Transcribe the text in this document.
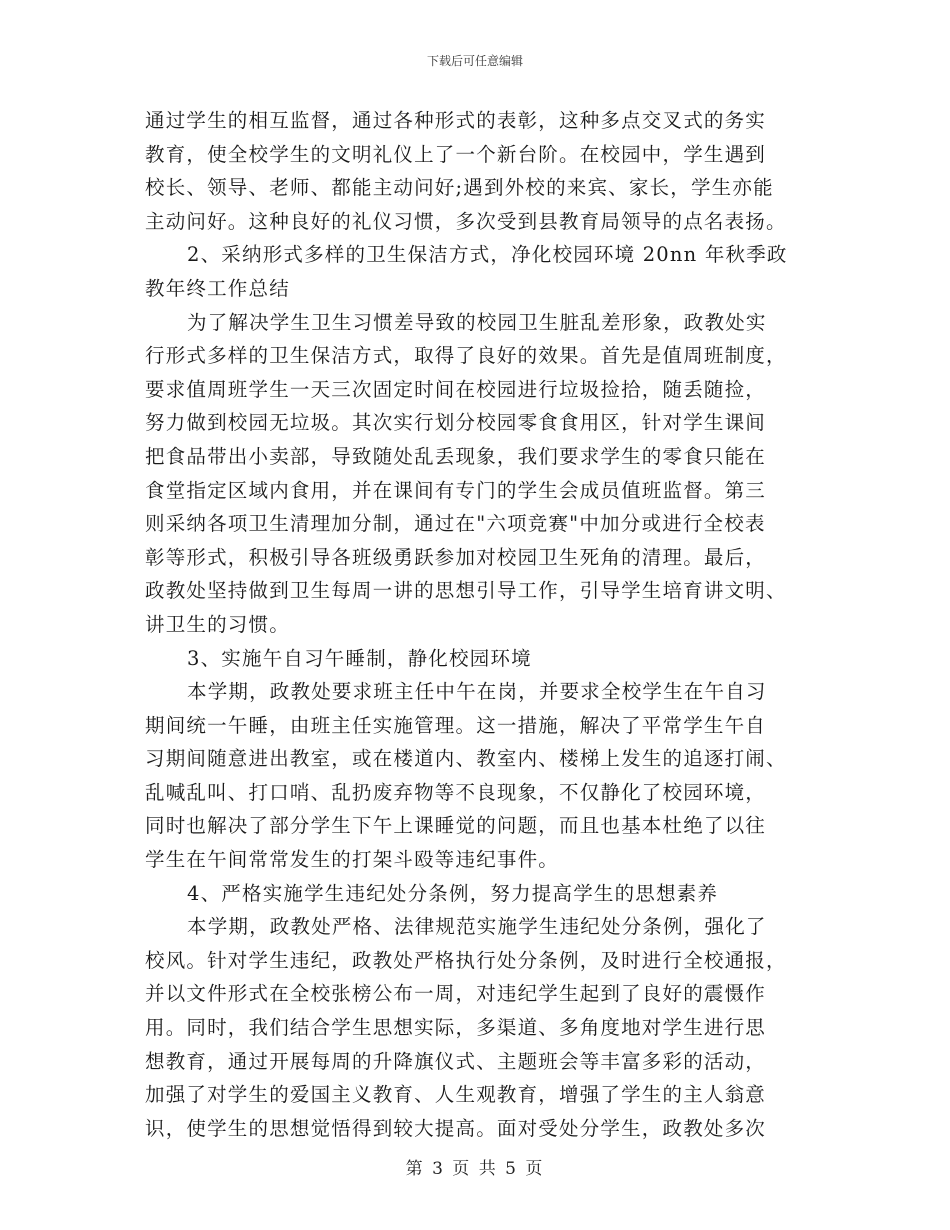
下载后可任意编辑
通过学生的相互监督，通过各种形式的表彰，这种多点交叉式的务实
教育，使全校学生的文明礼仪上了一个新台阶。在校园中，学生遇到
校长、领导、老师、都能主动问好;遇到外校的来宾、家长，学生亦能
主动问好。这种良好的礼仪习惯，多次受到县教育局领导的点名表扬。
2、采纳形式多样的卫生保洁方式，净化校园环境 20nn 年秋季政
教年终工作总结
为了解决学生卫生习惯差导致的校园卫生脏乱差形象，政教处实
行形式多样的卫生保洁方式，取得了良好的效果。首先是值周班制度，
要求值周班学生一天三次固定时间在校园进行垃圾捡拾，随丢随捡，
努力做到校园无垃圾。其次实行划分校园零食食用区，针对学生课间
把食品带出小卖部，导致随处乱丢现象，我们要求学生的零食只能在
食堂指定区域内食用，并在课间有专门的学生会成员值班监督。第三
则采纳各项卫生清理加分制，通过在"六项竞赛"中加分或进行全校表
彰等形式，积极引导各班级勇跃参加对校园卫生死角的清理。最后，
政教处坚持做到卫生每周一讲的思想引导工作，引导学生培育讲文明、
讲卫生的习惯。
3、实施午自习午睡制，静化校园环境
本学期，政教处要求班主任中午在岗，并要求全校学生在午自习
期间统一午睡，由班主任实施管理。这一措施，解决了平常学生午自
习期间随意进出教室，或在楼道内、教室内、楼梯上发生的追逐打闹、
乱喊乱叫、打口哨、乱扔废弃物等不良现象，不仅静化了校园环境，
同时也解决了部分学生下午上课睡觉的问题，而且也基本杜绝了以往
学生在午间常常发生的打架斗殴等违纪事件。
4、严格实施学生违纪处分条例，努力提高学生的思想素养
本学期，政教处严格、法律规范实施学生违纪处分条例，强化了
校风。针对学生违纪，政教处严格执行处分条例，及时进行全校通报，
并以文件形式在全校张榜公布一周，对违纪学生起到了良好的震慑作
用。同时，我们结合学生思想实际，多渠道、多角度地对学生进行思
想教育，通过开展每周的升降旗仪式、主题班会等丰富多彩的活动，
加强了对学生的爱国主义教育、人生观教育，增强了学生的主人翁意
识，使学生的思想觉悟得到较大提高。面对受处分学生，政教处多次
第 3 页 共 5 页
